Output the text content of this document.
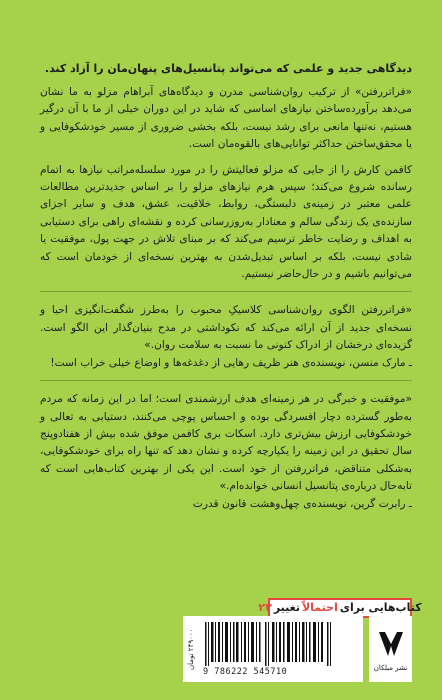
دیدگاهی جدید و علمی که می‌تواند پتانسیل‌های پنهان‌مان را آزاد کند.

«فراتررفتن» از ترکیب روان‌شناسی مدرن و دیدگاه‌های آبراهام مزلو به ما نشان می‌دهد برآورده‌ساختن نیازهای اساسی که شاید در این دوران خیلی از ما با آن درگیر هستیم، نه‌تنها مانعی برای رشد نیست، بلکه بخشی ضروری از مسیر خودشکوفایی و یا محقق‌ساختن حداکثر توانایی‌های بالقوه‌مان است.

کافمن کارش را از جایی که مزلو فعالیتش را در مورد سلسله‌مراتب نیازها به اتمام رسانده شروع می‌کند؛ سپس هرم نیازهای مزلو را بر اساس جدیدترین مطالعات علمی معتبر در زمینه‌ی دلبستگی، روابط، خلاقیت، عشق، هدف و سایر اجزای سازنده‌ی یک زندگی سالم و معنادار به‌روزرسانی کرده و نقشه‌ای راهی برای دستیابی به اهداف و رضایت خاطر ترسیم می‌کند که بر مبنای تلاش در جهت پول، موفقیت یا شادی نیست، بلکه بر اساس تبدیل‌شدن به بهترین نسخه‌ای از خودمان است که می‌توانیم باشیم و در حال‌حاضر نیستیم.

«فراتررفتن الگوی روان‌شناسی کلاسیکِ محبوب را به‌طرز شگفت‌انگیزی احیا و نسخه‌ای جدید از آن ارائه می‌کند که نکوداشتی در مدح بنیان‌گذار این الگو است. گزیده‌ای درخشان از ادراک کنونی ما نسبت به سلامت روان.»

ـ مارک منسن، نویسنده‌ی هنر ظریف رهایی از دغدغه‌ها و اوضاع خیلی خراب است!

«موفقیت و خبرگی در هر زمینه‌ای هدف ارزشمندی است؛ اما در این زمانه که مردم به‌طور گسترده دچار افسردگی بوده و احساس پوچی می‌کنند، دستیابی به تعالی و خودشکوفایی ارزش بیش‌تری دارد. اسکات بری کافمن موفق شده بیش از هفتادوپنج سال تحقیق در این زمینه را یکپارچه کرده و نشان دهد که تنها راه برای خودشکوفایی، به‌شکلی متناقض، فراتررفتن از خود است. این یکی از بهترین کتاب‌هایی است که تابه‌حال درباره‌ی پتانسیل انسانی خوانده‌ام.»

ـ رابرت گرین، نویسنده‌ی چهل‌وهشت قانون قدرت

کتاب‌هایی برای
احتمالاً
تغییر
۲۳
۲۴۹۰۰۰ تومان
9 786222 545710	نشر میلکان
